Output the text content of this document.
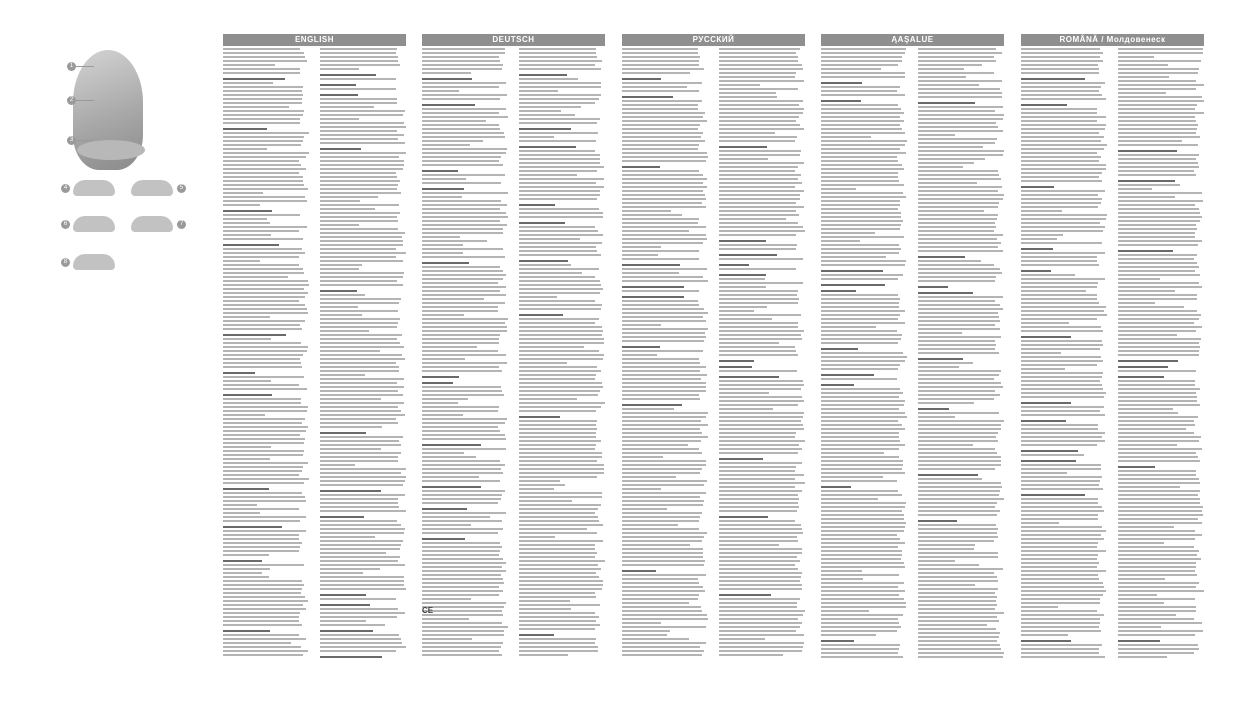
1
2
3
4	5
6	7
8
ENGLISH	DEUTSCH
CE
РУССКИЙ	ĄAŞALUE	ROMÂNĂ / Молдовенеск
